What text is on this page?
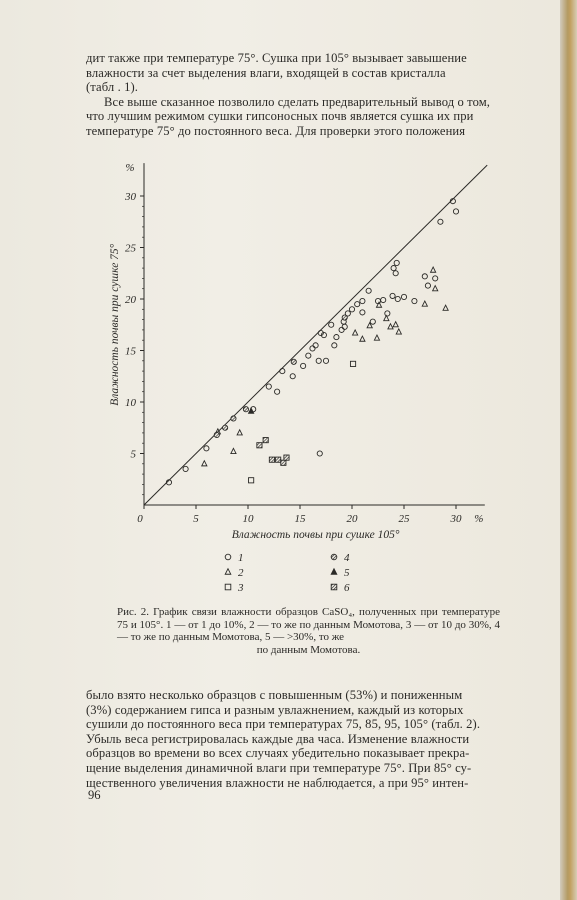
дит также при температуре 75°. Сушка при 105° вызывает завышение

влажности за счет выделения влаги, входящей в состав кристалла

(табл . 1).

Все выше сказанное позволило сделать предварительный вывод о том,

что лучшим режимом сушки гипсоносных почв является сушка их при

температуре 75° до постоянного веса. Для проверки этого положения

5
10
15
20
25
30
%
0	5	10	15	20	25	30 %
Влажность почвы при сушке 105°
Влажность почвы при сушке 75°
1
2
3
4
5
6
Рис. 2. График связи влажности образцов CaSO₄, полученных при температуре 75 и 105°. 1 — от 1 до 10%, 2 — то же по данным Момотова, 3 — от 10 до 30%, 4 — то же по данным Момотова, 5 — >30%, то же
по данным Момотова.

было взято несколько образцов с повышенным (53%) и пониженным

(3%) содержанием гипса и разным увлажнением, каждый из которых

сушили до постоянного веса при температурах 75, 85, 95, 105° (табл. 2).

Убыль веса регистрировалась каждые два часа. Изменение влажности

образцов во времени во всех случаях убедительно показывает прекра-

щение выделения динамичной влаги при температуре 75°. При 85° су-

щественного увеличения влажности не наблюдается, а при 95° интен-

96
